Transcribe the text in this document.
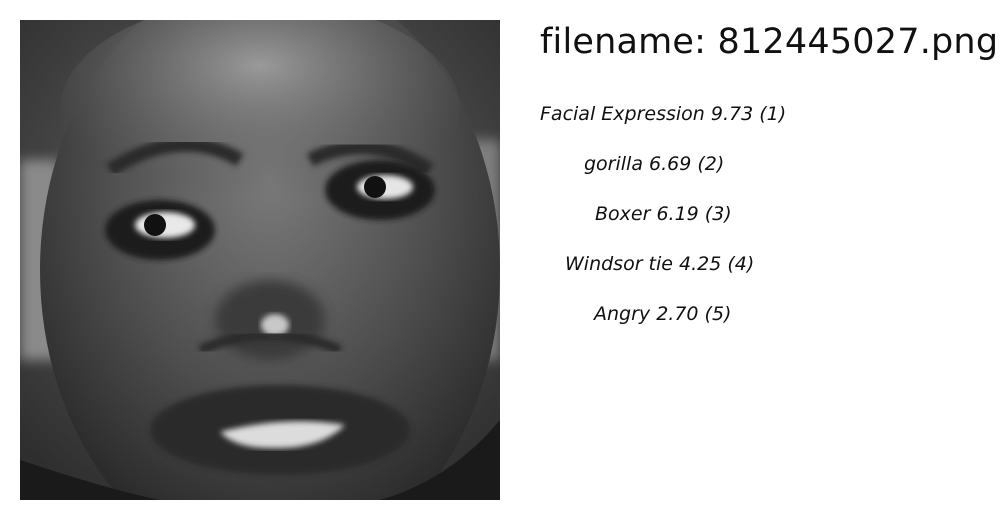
filename: 812445027.png
Facial Expression 9.73 (1)
gorilla 6.69 (2)
Boxer 6.19 (3)
Windsor tie 4.25 (4)
Angry 2.70 (5)
